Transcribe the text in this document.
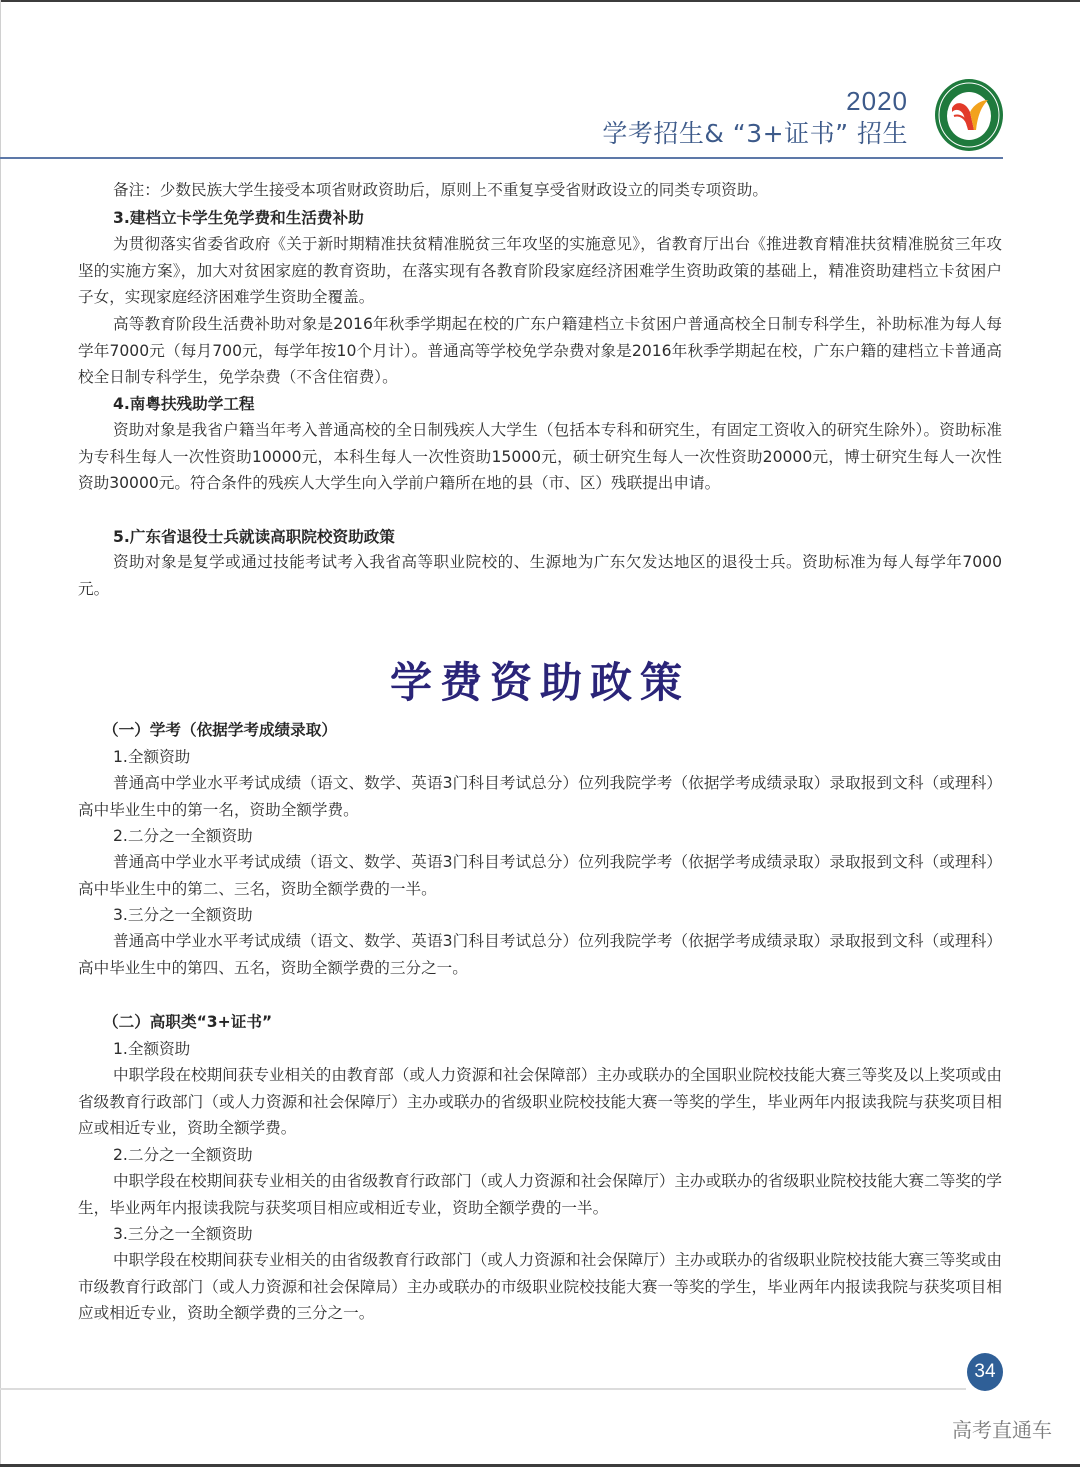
2020
学考招生& “3+证书” 招生
备注：少数民族大学生接受本项省财政资助后，原则上不重复享受省财政设立的同类专项资助。
3.建档立卡学生免学费和生活费补助
为贯彻落实省委省政府《关于新时期精准扶贫精准脱贫三年攻坚的实施意见》，省教育厅出台《推进教育精准扶贫精准脱贫三年攻坚的实施方案》，加大对贫困家庭的教育资助，在落实现有各教育阶段家庭经济困难学生资助政策的基础上，精准资助建档立卡贫困户子女，实现家庭经济困难学生资助全覆盖。
高等教育阶段生活费补助对象是2016年秋季学期起在校的广东户籍建档立卡贫困户普通高校全日制专科学生，补助标准为每人每学年7000元（每月700元，每学年按10个月计）。普通高等学校免学杂费对象是2016年秋季学期起在校，广东户籍的建档立卡普通高校全日制专科学生，免学杂费（不含住宿费）。
4.南粤扶残助学工程
资助对象是我省户籍当年考入普通高校的全日制残疾人大学生（包括本专科和研究生，有固定工资收入的研究生除外）。资助标准为专科生每人一次性资助10000元，本科生每人一次性资助15000元，硕士研究生每人一次性资助20000元，博士研究生每人一次性资助30000元。符合条件的残疾人大学生向入学前户籍所在地的县（市、区）残联提出申请。
5.广东省退役士兵就读高职院校资助政策
资助对象是复学或通过技能考试考入我省高等职业院校的、生源地为广东欠发达地区的退役士兵。资助标准为每人每学年7000元。
学费资助政策
（一）学考（依据学考成绩录取）
1.全额资助
普通高中学业水平考试成绩（语文、数学、英语3门科目考试总分）位列我院学考（依据学考成绩录取）录取报到文科（或理科）高中毕业生中的第一名，资助全额学费。
2.二分之一全额资助
普通高中学业水平考试成绩（语文、数学、英语3门科目考试总分）位列我院学考（依据学考成绩录取）录取报到文科（或理科）高中毕业生中的第二、三名，资助全额学费的一半。
3.三分之一全额资助
普通高中学业水平考试成绩（语文、数学、英语3门科目考试总分）位列我院学考（依据学考成绩录取）录取报到文科（或理科）高中毕业生中的第四、五名，资助全额学费的三分之一。
（二）高职类“3+证书”
1.全额资助
中职学段在校期间获专业相关的由教育部（或人力资源和社会保障部）主办或联办的全国职业院校技能大赛三等奖及以上奖项或由省级教育行政部门（或人力资源和社会保障厅）主办或联办的省级职业院校技能大赛一等奖的学生，毕业两年内报读我院与获奖项目相应或相近专业，资助全额学费。
2.二分之一全额资助
中职学段在校期间获专业相关的由省级教育行政部门（或人力资源和社会保障厅）主办或联办的省级职业院校技能大赛二等奖的学生，毕业两年内报读我院与获奖项目相应或相近专业，资助全额学费的一半。
3.三分之一全额资助
中职学段在校期间获专业相关的由省级教育行政部门（或人力资源和社会保障厅）主办或联办的省级职业院校技能大赛三等奖或由市级教育行政部门（或人力资源和社会保障局）主办或联办的市级职业院校技能大赛一等奖的学生，毕业两年内报读我院与获奖项目相应或相近专业，资助全额学费的三分之一。
34
高考直通车
